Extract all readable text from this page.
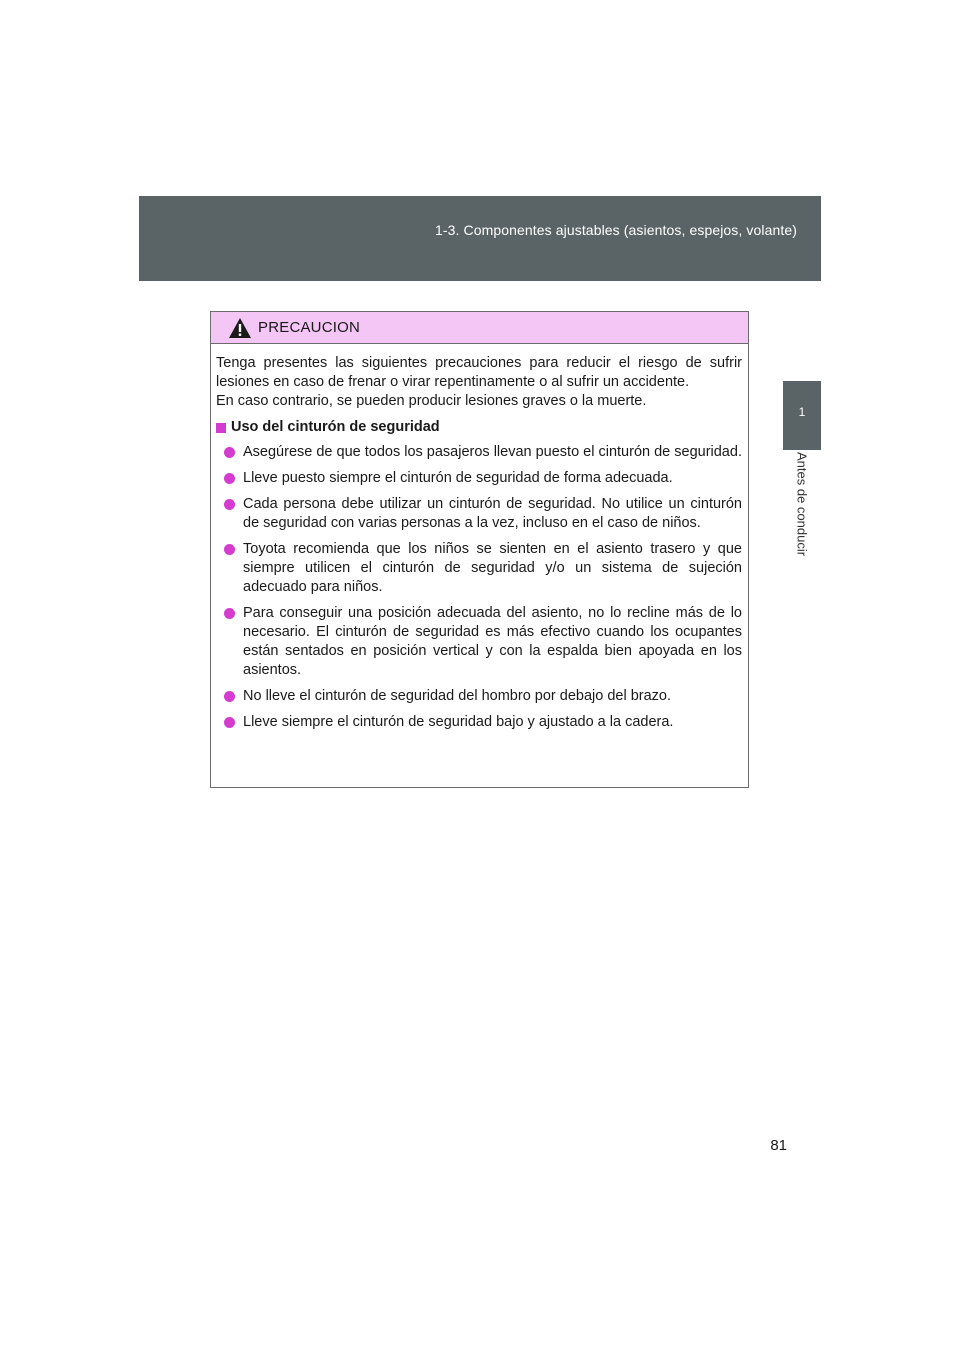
1-3. Componentes ajustables (asientos, espejos, volante)
1
Antes de conducir
PRECAUCION

Tenga presentes las siguientes precauciones para reducir el riesgo de sufrir lesiones en caso de frenar o virar repentinamente o al sufrir un accidente.

En caso contrario, se pueden producir lesiones graves o la muerte.

Uso del cinturón de seguridad
Asegúrese de que todos los pasajeros llevan puesto el cinturón de seguridad.
Lleve puesto siempre el cinturón de seguridad de forma adecuada.
Cada persona debe utilizar un cinturón de seguridad. No utilice un cinturón de seguridad con varias personas a la vez, incluso en el caso de niños.
Toyota recomienda que los niños se sienten en el asiento trasero y que siempre utilicen el cinturón de seguridad y/o un sistema de sujeción adecuado para niños.
Para conseguir una posición adecuada del asiento, no lo recline más de lo necesario. El cinturón de seguridad es más efectivo cuando los ocupantes están sentados en posición vertical y con la espalda bien apoyada en los asientos.
No lleve el cinturón de seguridad del hombro por debajo del brazo.
Lleve siempre el cinturón de seguridad bajo y ajustado a la cadera.
81
